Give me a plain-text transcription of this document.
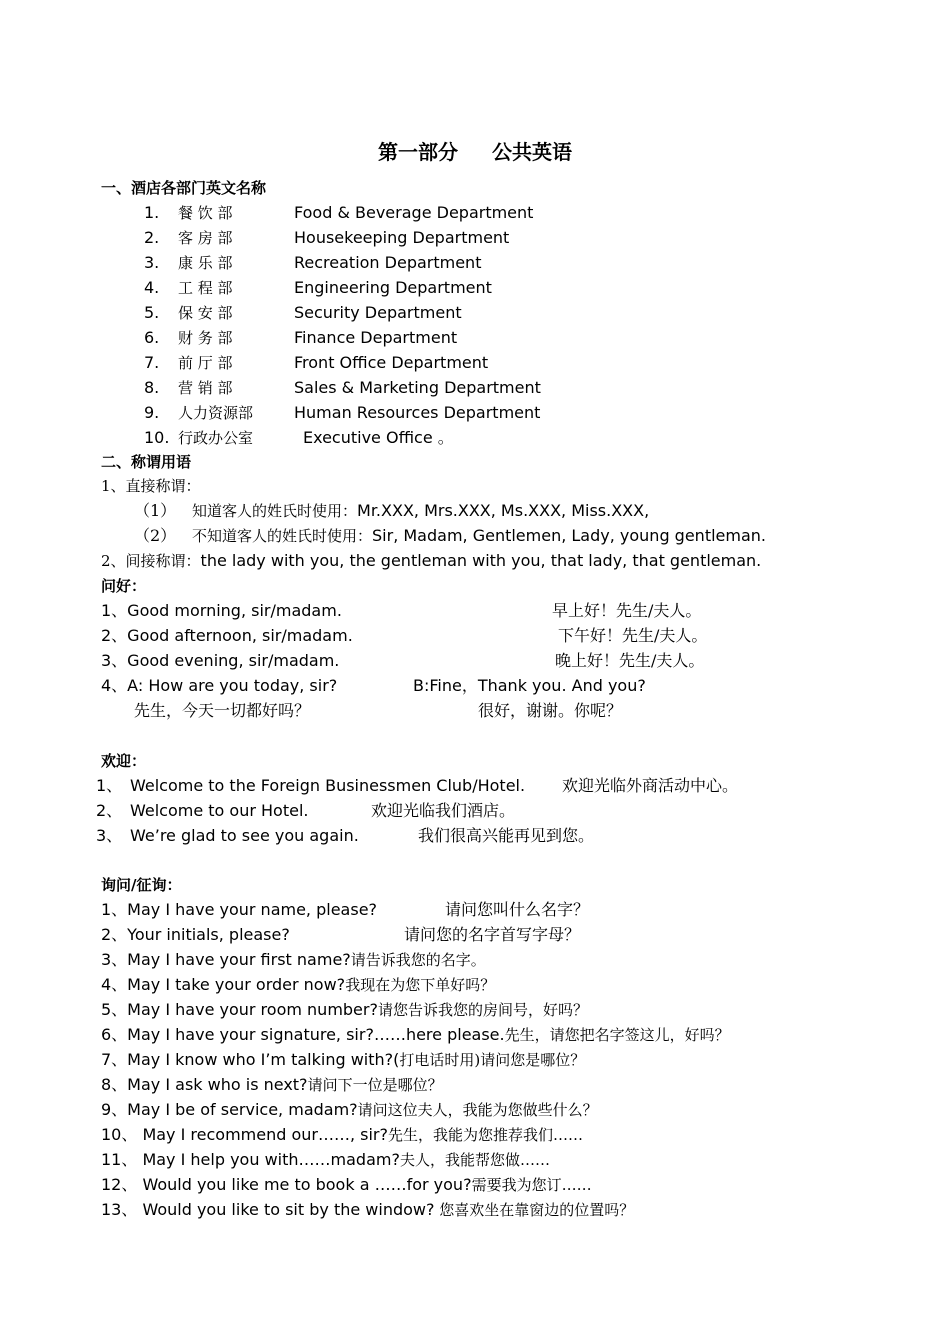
第一部分 公共英语
一、酒店各部门英文名称
1. 餐 饮 部	Food & Beverage Department
2. 客 房 部	Housekeeping Department
3. 康 乐 部	Recreation Department
4. 工 程 部	Engineering Department
5. 保 安 部	Security Department
6. 财 务 部	Finance Department
7. 前 厅 部	Front Office Department
8. 营 销 部	Sales & Marketing Department
9. 人力资源部	Human Resources Department
10. 行政办公室	Executive Office 。
二、称谓用语
1、直接称谓：
（1） 知道客人的姓氏时使用：Mr.XXX, Mrs.XXX, Ms.XXX, Miss.XXX,
（2） 不知道客人的姓氏时使用：Sir, Madam, Gentlemen, Lady, young gentleman.
2、间接称谓：the lady with you, the gentleman with you, that lady, that gentleman.
问好：
1、Good morning, sir/madam.	早上好！先生/夫人。
2、Good afternoon, sir/madam.	下午好！先生/夫人。
3、Good evening, sir/madam.	晚上好！先生/夫人。
4、A: How are you today, sir?	B:Fine，Thank you. And you?
先生，今天一切都好吗？	很好，谢谢。你呢？
欢迎：
1、 Welcome to the Foreign Businessmen Club/Hotel. 欢迎光临外商活动中心。
2、 Welcome to our Hotel.	欢迎光临我们酒店。
3、 We’re glad to see you again.	我们很高兴能再见到您。
询问/征询：
1、May I have your name, please?	请问您叫什么名字？
2、Your initials, please?	请问您的名字首写字母？
3、May I have your first name?请告诉我您的名字。
4、May I take your order now?我现在为您下单好吗？
5、May I have your room number?请您告诉我您的房间号，好吗？
6、May I have your signature, sir?……here please.先生，请您把名字签这儿，好吗？
7、May I know who I’m talking with?(打电话时用)请问您是哪位？
8、May I ask who is next?请问下一位是哪位？
9、May I be of service, madam?请问这位夫人，我能为您做些什么？
10、 May I recommend our……, sir?先生，我能为您推荐我们……
11、 May I help you with……madam?夫人，我能帮您做……
12、 Would you like me to book a ……for you?需要我为您订……
13、 Would you like to sit by the window? 您喜欢坐在靠窗边的位置吗？
